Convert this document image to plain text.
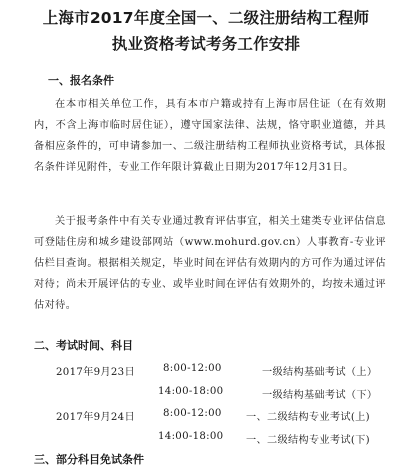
上海市2017年度全国一、二级注册结构工程师
执业资格考试考务工作安排
一、报名条件
在本市相关单位工作，具有本市户籍或持有上海市居住证（在有效期内，不含上海市临时居住证），遵守国家法律、法规，恪守职业道德，并具备相应条件的，可申请参加一、二级注册结构工程师执业资格考试，具体报名条件详见附件，专业工作年限计算截止日期为2017年12月31日。
关于报考条件中有关专业通过教育评估事宜，相关土建类专业评估信息可登陆住房和城乡建设部网站（www.mohurd.gov.cn）人事教育-专业评估栏目查询。根据相关规定，毕业时间在评估有效期内的方可作为通过评估对待；尚未开展评估的专业、或毕业时间在评估有效期外的，均按未通过评估对待。
二、考试时间、科目
2017年9月23日	8:00-12:00	一级结构基础考试（上）
14:00-18:00	一级结构基础考试（下）
2017年9月24日	8:00-12:00 一、二级结构专业考试(上)
14:00-18:00 一、二级结构专业考试(下)
三、部分科目免试条件
